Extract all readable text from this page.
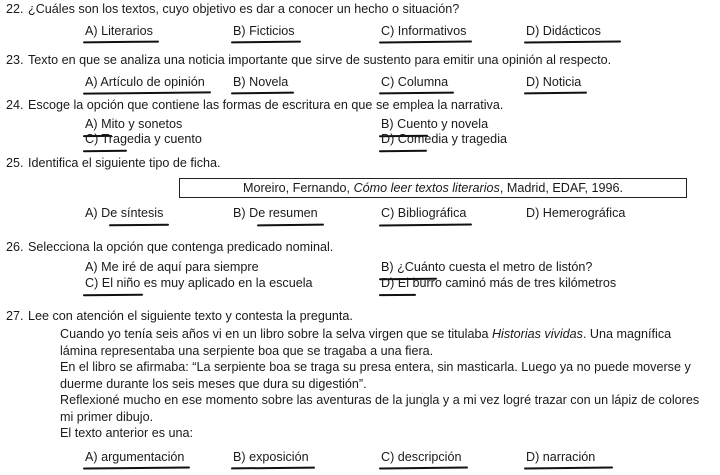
22. ¿Cuáles son los textos, cuyo objetivo es dar a conocer un hecho o situación?
A) Literarios	B) Ficticios	C) Informativos	D) Didácticos
23. Texto en que se analiza una noticia importante que sirve de sustento para emitir una opinión al respecto.
A) Artículo de opinión B) Novela	C) Columna	D) Noticia
24. Escoge la opción que contiene las formas de escritura en que se emplea la narrativa.
A) Mito y sonetos	B) Cuento y novela
C) Tragedia y cuento	D) Comedia y tragedia
25. Identifica el siguiente tipo de ficha.
Moreiro, Fernando, Cómo leer textos literarios, Madrid, EDAF, 1996.
A) De síntesis	B) De resumen	C) Bibliográfica	D) Hemerográfica
26. Selecciona la opción que contenga predicado nominal.
A) Me iré de aquí para siempre	B) ¿Cuánto cuesta el metro de listón?
C) El niño es muy aplicado en la escuela	D) El burro caminó más de tres kilómetros
27. Lee con atención el siguiente texto y contesta la pregunta.
Cuando yo tenía seis años vi en un libro sobre la selva virgen que se titulaba Historias vividas. Una magnífica lámina representaba una serpiente boa que se tragaba a una fiera.
En el libro se afirmaba: “La serpiente boa se traga su presa entera, sin masticarla. Luego ya no puede moverse y duerme durante los seis meses que dura su digestión”.
Reflexioné mucho en ese momento sobre las aventuras de la jungla y a mi vez logré trazar con un lápiz de colores mi primer dibujo.
El texto anterior es una:
A) argumentación	B) exposición	C) descripción	D) narración
